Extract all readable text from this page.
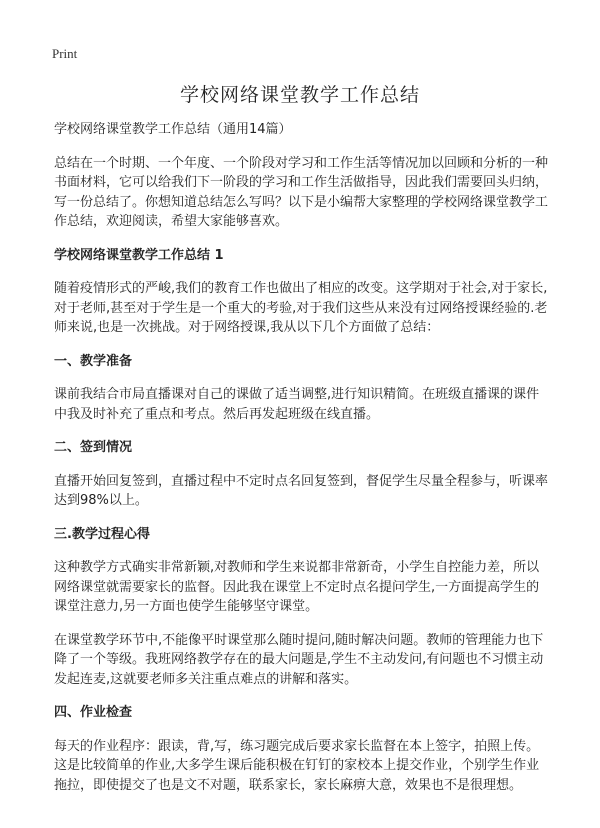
Print
学校网络课堂教学工作总结

学校网络课堂教学工作总结（通用14篇）

总结在一个时期、一个年度、一个阶段对学习和工作生活等情况加以回顾和分析的一种书面材料，它可以给我们下一阶段的学习和工作生活做指导，因此我们需要回头归纳，写一份总结了。你想知道总结怎么写吗？以下是小编帮大家整理的学校网络课堂教学工作总结，欢迎阅读，希望大家能够喜欢。

学校网络课堂教学工作总结 1

随着疫情形式的严峻,我们的教育工作也做出了相应的改变。这学期对于社会,对于家长,对于老师,甚至对于学生是一个重大的考验,对于我们这些从来没有过网络授课经验的.老师来说,也是一次挑战。对于网络授课,我从以下几个方面做了总结：

一、教学准备

课前我结合市局直播课对自己的课做了适当调整,进行知识精简。在班级直播课的课件中我及时补充了重点和考点。然后再发起班级在线直播。

二、签到情况

直播开始回复签到，直播过程中不定时点名回复签到，督促学生尽量全程参与，听课率达到98%以上。

三.教学过程心得

这种教学方式确实非常新颖,对教师和学生来说都非常新奇，小学生自控能力差，所以网络课堂就需要家长的监督。因此我在课堂上不定时点名提问学生,一方面提高学生的课堂注意力,另一方面也使学生能够坚守课堂。

在课堂教学环节中,不能像平时课堂那么随时提问,随时解决问题。教师的管理能力也下降了一个等级。我班网络教学存在的最大问题是,学生不主动发问,有问题也不习惯主动发起连麦,这就要老师多关注重点难点的讲解和落实。

四、作业检查

每天的作业程序：跟读，背,写，练习题完成后要求家长监督在本上签字，拍照上传。这是比较简单的作业,大多学生课后能积极在钉钉的家校本上提交作业，个别学生作业拖拉，即使提交了也是文不对题，联系家长，家长麻痹大意，效果也不是很理想。
